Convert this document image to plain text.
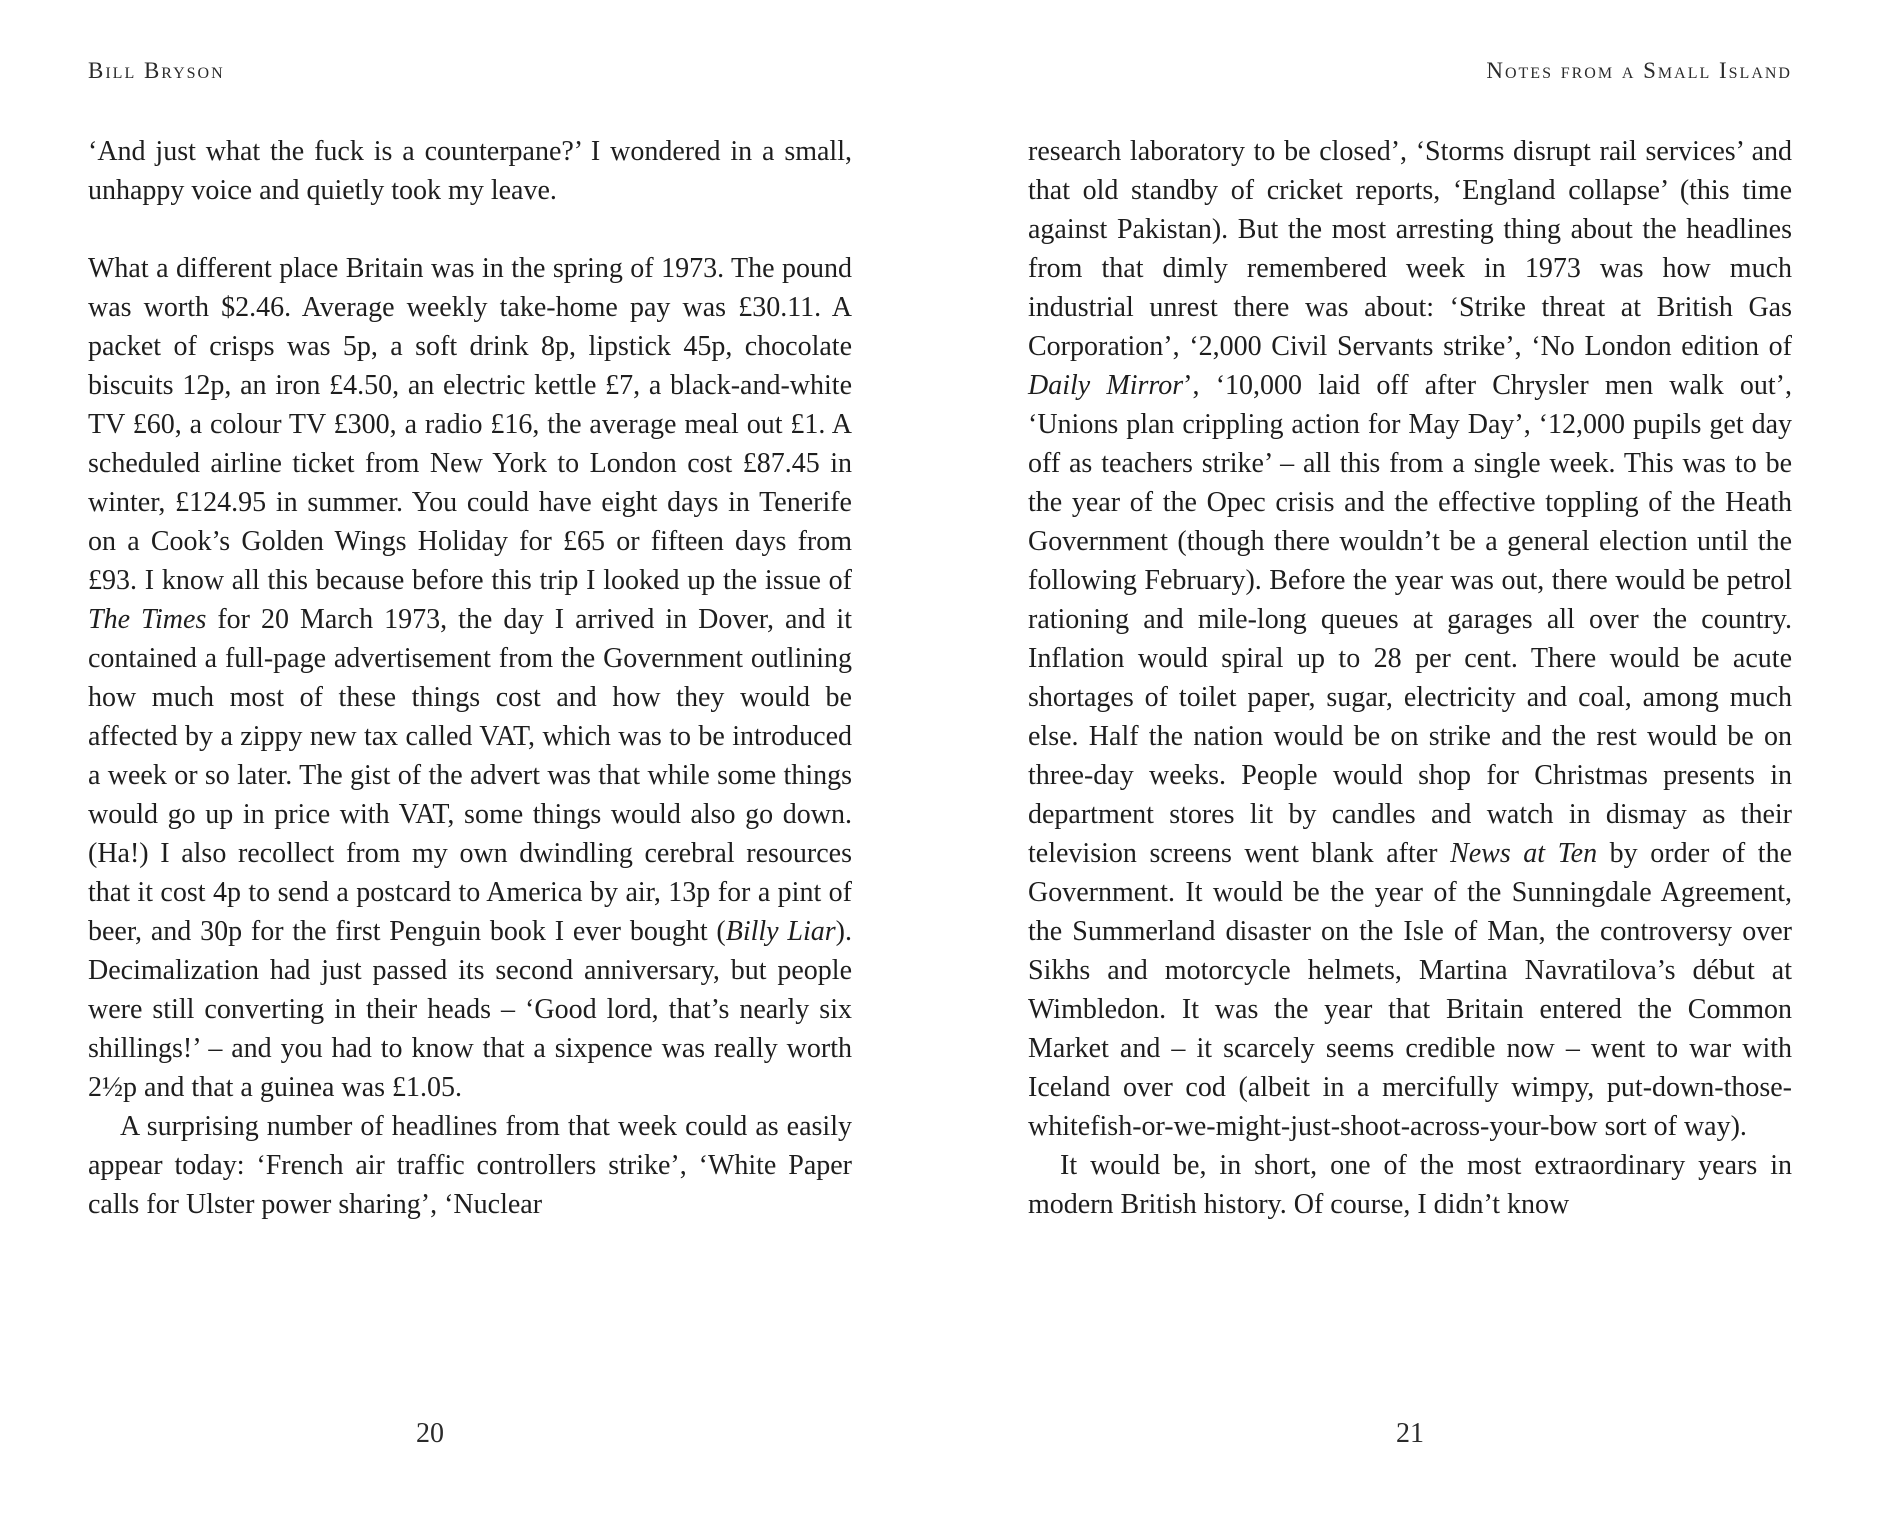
Bill Bryson

‘And just what the fuck is a counterpane?’ I wondered in a small, unhappy voice and quietly took my leave.

What a different place Britain was in the spring of 1973. The pound was worth $2.46. Average weekly take-home pay was £30.11. A packet of crisps was 5p, a soft drink 8p, lipstick 45p, chocolate biscuits 12p, an iron £4.50, an electric kettle £7, a black-and-white TV £60, a colour TV £300, a radio £16, the average meal out £1. A scheduled airline ticket from New York to London cost £87.45 in winter, £124.95 in summer. You could have eight days in Tenerife on a Cook’s Golden Wings Holiday for £65 or fifteen days from £93. I know all this because before this trip I looked up the issue of The Times for 20 March 1973, the day I arrived in Dover, and it contained a full-page advertisement from the Government outlining how much most of these things cost and how they would be affected by a zippy new tax called VAT, which was to be introduced a week or so later. The gist of the advert was that while some things would go up in price with VAT, some things would also go down. (Ha!) I also recollect from my own dwindling cerebral resources that it cost 4p to send a postcard to America by air, 13p for a pint of beer, and 30p for the first Penguin book I ever bought (Billy Liar). Decimalization had just passed its second anniversary, but people were still converting in their heads – ‘Good lord, that’s nearly six shillings!’ – and you had to know that a sixpence was really worth 2½p and that a guinea was £1.05.

A surprising number of headlines from that week could as easily appear today: ‘French air traffic controllers strike’, ‘White Paper calls for Ulster power sharing’, ‘Nuclear

20
Notes from a Small Island

research laboratory to be closed’, ‘Storms disrupt rail services’ and that old standby of cricket reports, ‘England collapse’ (this time against Pakistan). But the most arresting thing about the headlines from that dimly remembered week in 1973 was how much industrial unrest there was about: ‘Strike threat at British Gas Corporation’, ‘2,000 Civil Servants strike’, ‘No London edition of Daily Mirror’, ‘10,000 laid off after Chrysler men walk out’, ‘Unions plan crippling action for May Day’, ‘12,000 pupils get day off as teachers strike’ – all this from a single week. This was to be the year of the Opec crisis and the effective toppling of the Heath Government (though there wouldn’t be a general election until the following February). Before the year was out, there would be petrol rationing and mile-long queues at garages all over the country. Inflation would spiral up to 28 per cent. There would be acute shortages of toilet paper, sugar, electricity and coal, among much else. Half the nation would be on strike and the rest would be on three-day weeks. People would shop for Christmas presents in department stores lit by candles and watch in dismay as their television screens went blank after News at Ten by order of the Government. It would be the year of the Sunningdale Agreement, the Summerland disaster on the Isle of Man, the controversy over Sikhs and motorcycle helmets, Martina Navratilova’s début at Wimbledon. It was the year that Britain entered the Common Market and – it scarcely seems credible now – went to war with Iceland over cod (albeit in a mercifully wimpy, put-down-those-whitefish-or-we-might-just-shoot-across-your-bow sort of way).

It would be, in short, one of the most extraordinary years in modern British history. Of course, I didn’t know

21
